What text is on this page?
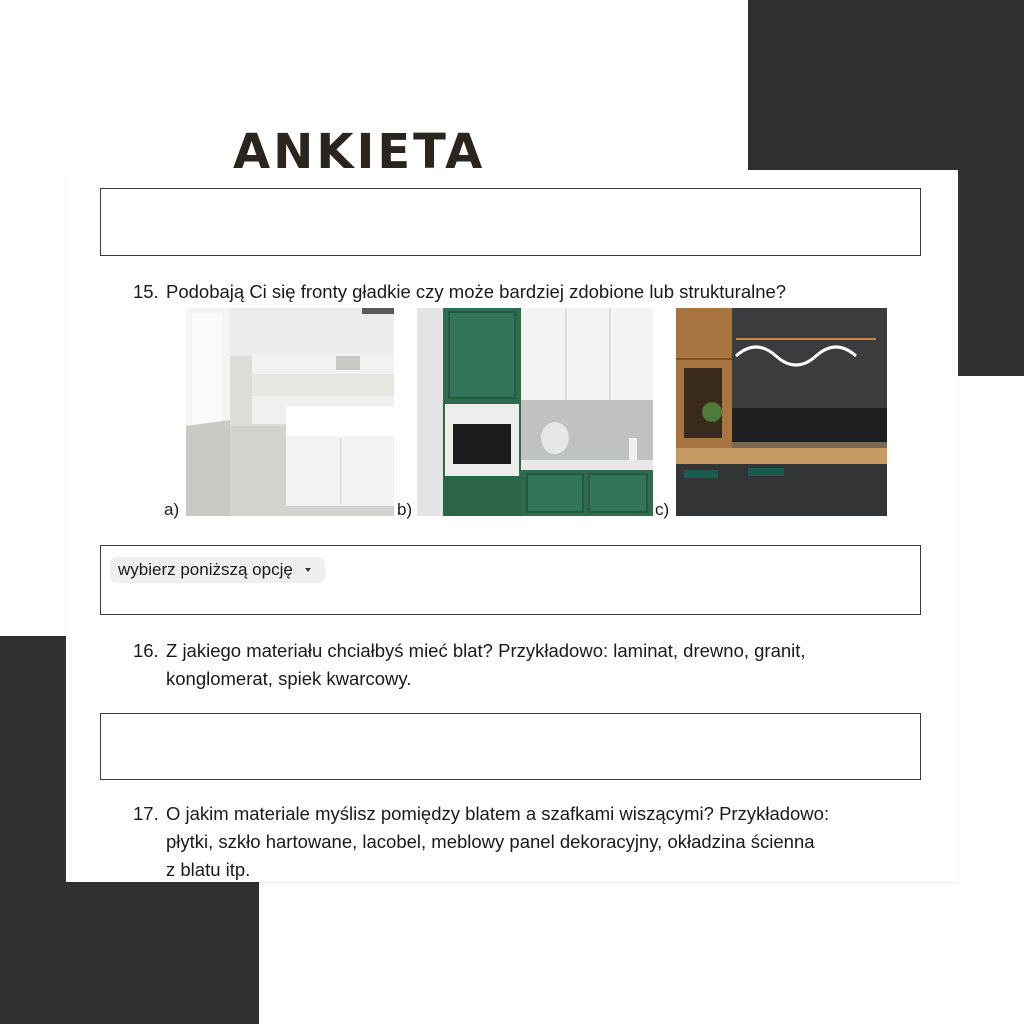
ANKIETA

15. Podobają Ci się fronty gładkie czy może bardziej zdobione lub strukturalne?

a)	b)	c)
wybierz poniższą opcję

16. Z jakiego materiału chciałbyś mieć blat? Przykładowo: laminat, drewno, granit,
konglomerat, spiek kwarcowy.

17. O jakim materiale myślisz pomiędzy blatem a szafkami wiszącymi? Przykładowo:
płytki, szkło hartowane, lacobel, meblowy panel dekoracyjny, okładzina ścienna
z blatu itp.
